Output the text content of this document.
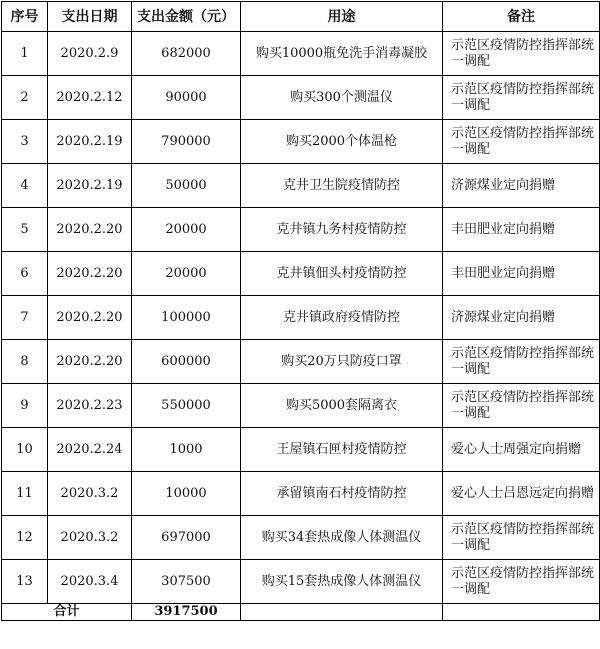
序号	支出日期	支出金额（元）	用途	备注
1	2020.2.9	682000	购买10000瓶免洗手消毒凝胶	示范区疫情防控指挥部统一调配
2	2020.2.12	90000	购买300个测温仪	示范区疫情防控指挥部统一调配
3	2020.2.19	790000	购买2000个体温枪	示范区疫情防控指挥部统一调配
4	2020.2.19	50000	克井卫生院疫情防控	济源煤业定向捐赠
5	2020.2.20	20000	克井镇九务村疫情防控	丰田肥业定向捐赠
6	2020.2.20	20000	克井镇佃头村疫情防控	丰田肥业定向捐赠
7	2020.2.20	100000	克井镇政府疫情防控	济源煤业定向捐赠
8	2020.2.20	600000	购买20万只防疫口罩	示范区疫情防控指挥部统一调配
9	2020.2.23	550000	购买5000套隔离衣	示范区疫情防控指挥部统一调配
10	2020.2.24	1000	王屋镇石匣村疫情防控	爱心人士周强定向捐赠
11	2020.3.2	10000	承留镇南石村疫情防控	爱心人士吕恩远定向捐赠
12	2020.3.2	697000	购买34套热成像人体测温仪	示范区疫情防控指挥部统一调配
13	2020.3.4	307500	购买15套热成像人体测温仪	示范区疫情防控指挥部统一调配
合计		3917500		
